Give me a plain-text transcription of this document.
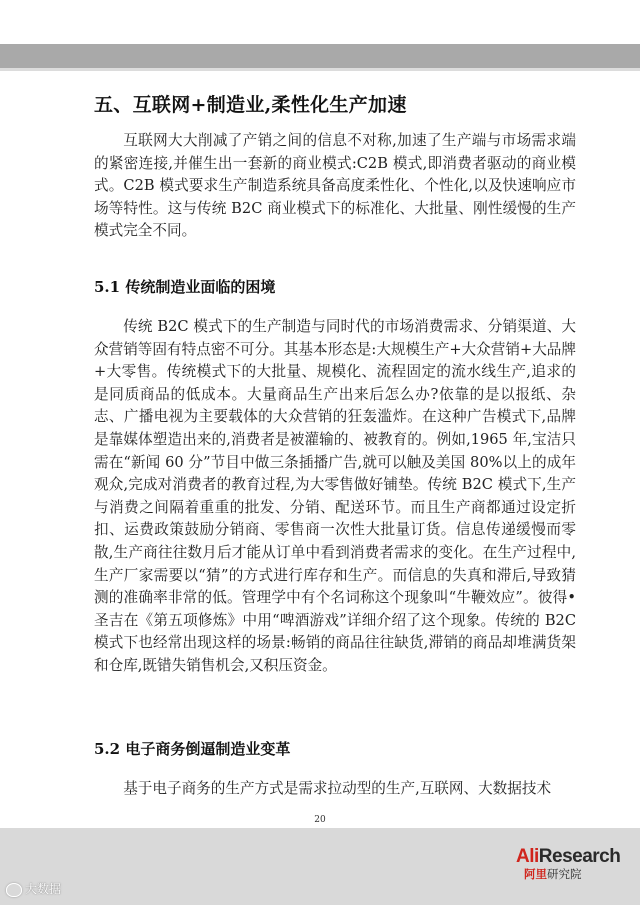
五、互联网+制造业,柔性化生产加速

互联网大大削减了产销之间的信息不对称,加速了生产端与市场需求端的紧密连接,并催生出一套新的商业模式:C2B 模式,即消费者驱动的商业模式。C2B 模式要求生产制造系统具备高度柔性化、个性化,以及快速响应市场等特性。这与传统 B2C 商业模式下的标准化、大批量、刚性缓慢的生产模式完全不同。

5.1 传统制造业面临的困境

传统 B2C 模式下的生产制造与同时代的市场消费需求、分销渠道、大众营销等固有特点密不可分。其基本形态是:大规模生产+大众营销+大品牌+大零售。传统模式下的大批量、规模化、流程固定的流水线生产,追求的是同质商品的低成本。大量商品生产出来后怎么办?依靠的是以报纸、杂志、广播电视为主要载体的大众营销的狂轰滥炸。在这种广告模式下,品牌是靠媒体塑造出来的,消费者是被灌输的、被教育的。例如,1965 年,宝洁只需在“新闻 60 分”节目中做三条插播广告,就可以触及美国 80%以上的成年观众,完成对消费者的教育过程,为大零售做好铺垫。传统 B2C 模式下,生产与消费之间隔着重重的批发、分销、配送环节。而且生产商都通过设定折扣、运费政策鼓励分销商、零售商一次性大批量订货。信息传递缓慢而零散,生产商往往数月后才能从订单中看到消费者需求的变化。在生产过程中,生产厂家需要以“猜”的方式进行库存和生产。而信息的失真和滞后,导致猜测的准确率非常的低。管理学中有个名词称这个现象叫“牛鞭效应”。彼得•圣吉在《第五项修炼》中用“啤酒游戏”详细介绍了这个现象。传统的 B2C 模式下也经常出现这样的场景:畅销的商品往往缺货,滞销的商品却堆满货架和仓库,既错失销售机会,又积压资金。

5.2 电子商务倒逼制造业变革

基于电子商务的生产方式是需求拉动型的生产,互联网、大数据技术

20
AliResearch
阿里研究院
大数据
